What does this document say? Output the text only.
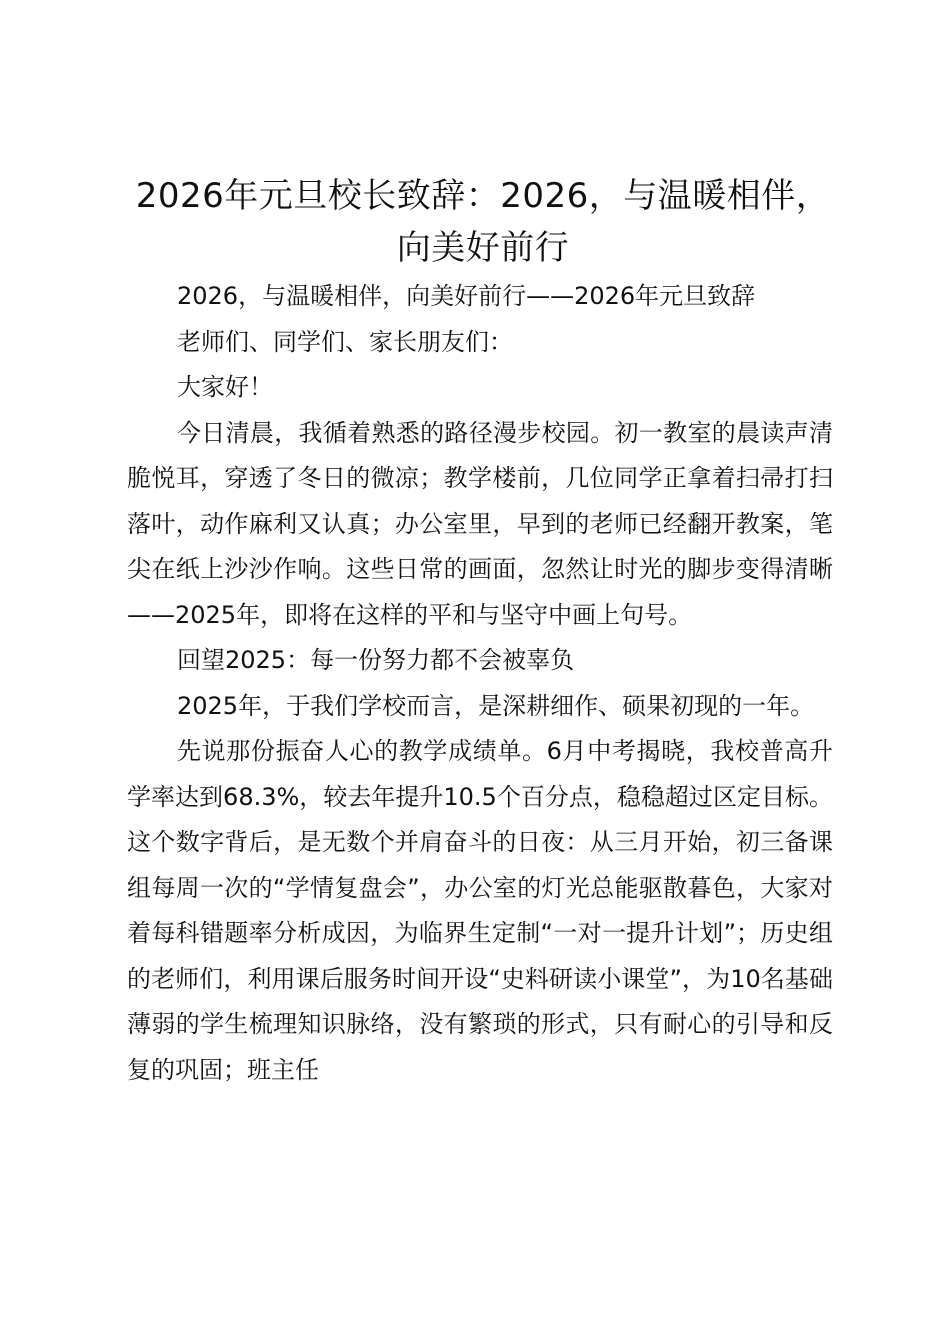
2026年元旦校长致辞：2026，与温暖相伴，向美好前行

2026，与温暖相伴，向美好前行——2026年元旦致辞

老师们、同学们、家长朋友们：

大家好！

今日清晨，我循着熟悉的路径漫步校园。初一教室的晨读声清脆悦耳，穿透了冬日的微凉；教学楼前，几位同学正拿着扫帚打扫落叶，动作麻利又认真；办公室里，早到的老师已经翻开教案，笔尖在纸上沙沙作响。这些日常的画面，忽然让时光的脚步变得清晰——2025年，即将在这样的平和与坚守中画上句号。

回望2025：每一份努力都不会被辜负

2025年，于我们学校而言，是深耕细作、硕果初现的一年。

先说那份振奋人心的教学成绩单。6月中考揭晓，我校普高升学率达到68.3%，较去年提升10.5个百分点，稳稳超过区定目标。这个数字背后，是无数个并肩奋斗的日夜：从三月开始，初三备课组每周一次的“学情复盘会”，办公室的灯光总能驱散暮色，大家对着每科错题率分析成因，为临界生定制“一对一提升计划”；历史组的老师们，利用课后服务时间开设“史料研读小课堂”，为10名基础薄弱的学生梳理知识脉络，没有繁琐的形式，只有耐心的引导和反复的巩固；班主任
